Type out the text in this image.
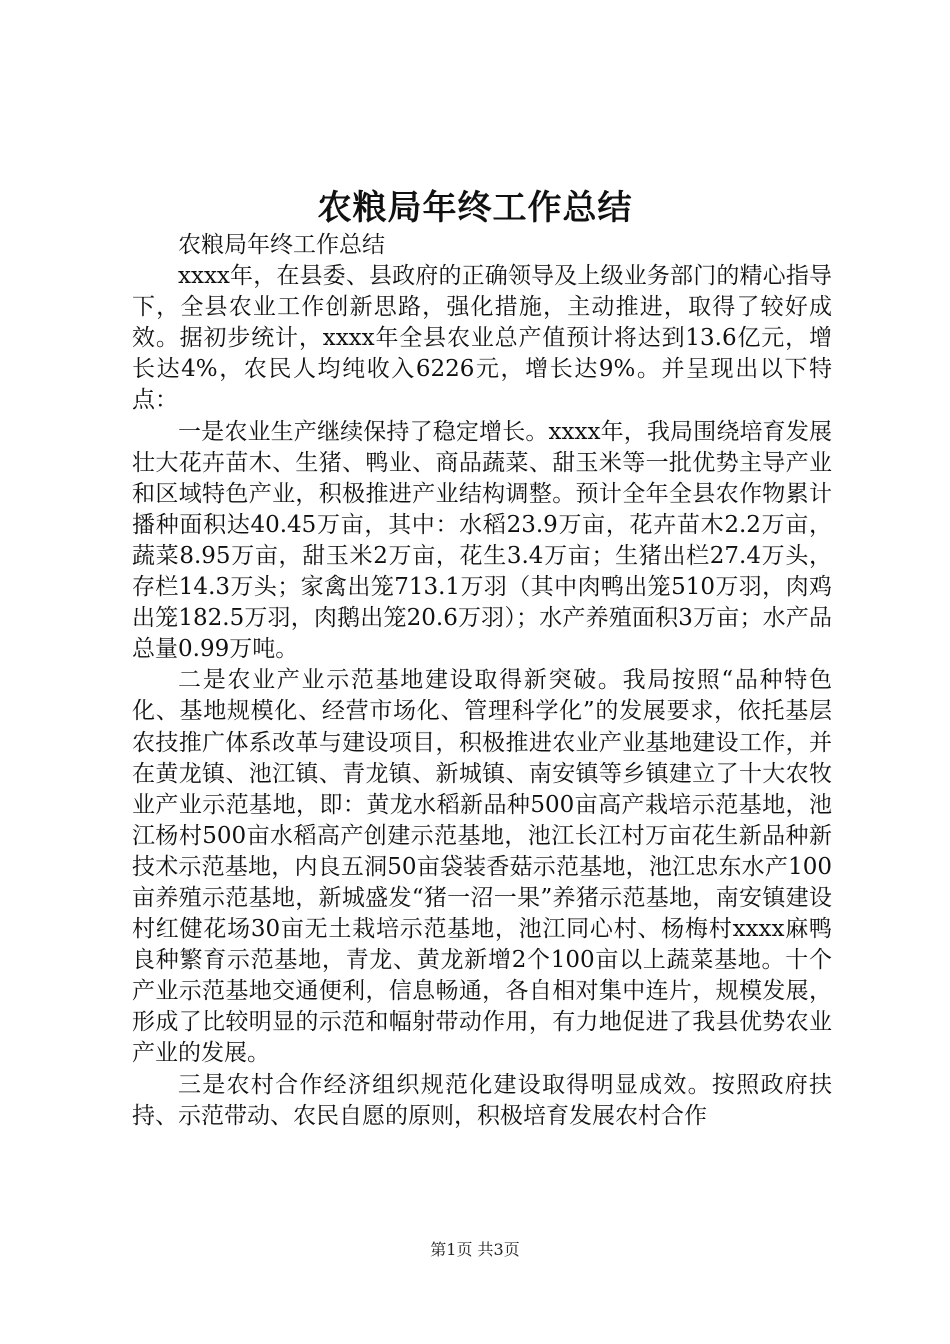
农粮局年终工作总结

农粮局年终工作总结

xxxx年，在县委、县政府的正确领导及上级业务部门的精心指导下，全县农业工作创新思路，强化措施，主动推进，取得了较好成效。据初步统计，xxxx年全县农业总产值预计将达到13.6亿元，增长达4%，农民人均纯收入6226元，增长达9%。并呈现出以下特点：

一是农业生产继续保持了稳定增长。xxxx年，我局围绕培育发展壮大花卉苗木、生猪、鸭业、商品蔬菜、甜玉米等一批优势主导产业和区域特色产业，积极推进产业结构调整。预计全年全县农作物累计播种面积达40.45万亩，其中：水稻23.9万亩，花卉苗木2.2万亩，蔬菜8.95万亩，甜玉米2万亩，花生3.4万亩；生猪出栏27.4万头，存栏14.3万头；家禽出笼713.1万羽（其中肉鸭出笼510万羽，肉鸡出笼182.5万羽，肉鹅出笼20.6万羽）；水产养殖面积3万亩；水产品总量0.99万吨。

二是农业产业示范基地建设取得新突破。我局按照“品种特色化、基地规模化、经营市场化、管理科学化”的发展要求，依托基层农技推广体系改革与建设项目，积极推进农业产业基地建设工作，并在黄龙镇、池江镇、青龙镇、新城镇、南安镇等乡镇建立了十大农牧业产业示范基地，即：黄龙水稻新品种500亩高产栽培示范基地，池江杨村500亩水稻高产创建示范基地，池江长江村万亩花生新品种新技术示范基地，内良五洞50亩袋装香菇示范基地，池江忠东水产100亩养殖示范基地，新城盛发“猪一沼一果”养猪示范基地，南安镇建设村红健花场30亩无土栽培示范基地，池江同心村、杨梅村xxxx麻鸭良种繁育示范基地，青龙、黄龙新增2个100亩以上蔬菜基地。十个产业示范基地交通便利，信息畅通，各自相对集中连片，规模发展，形成了比较明显的示范和幅射带动作用，有力地促进了我县优势农业产业的发展。

三是农村合作经济组织规范化建设取得明显成效。按照政府扶持、示范带动、农民自愿的原则，积极培育发展农村合作

第1页 共3页
